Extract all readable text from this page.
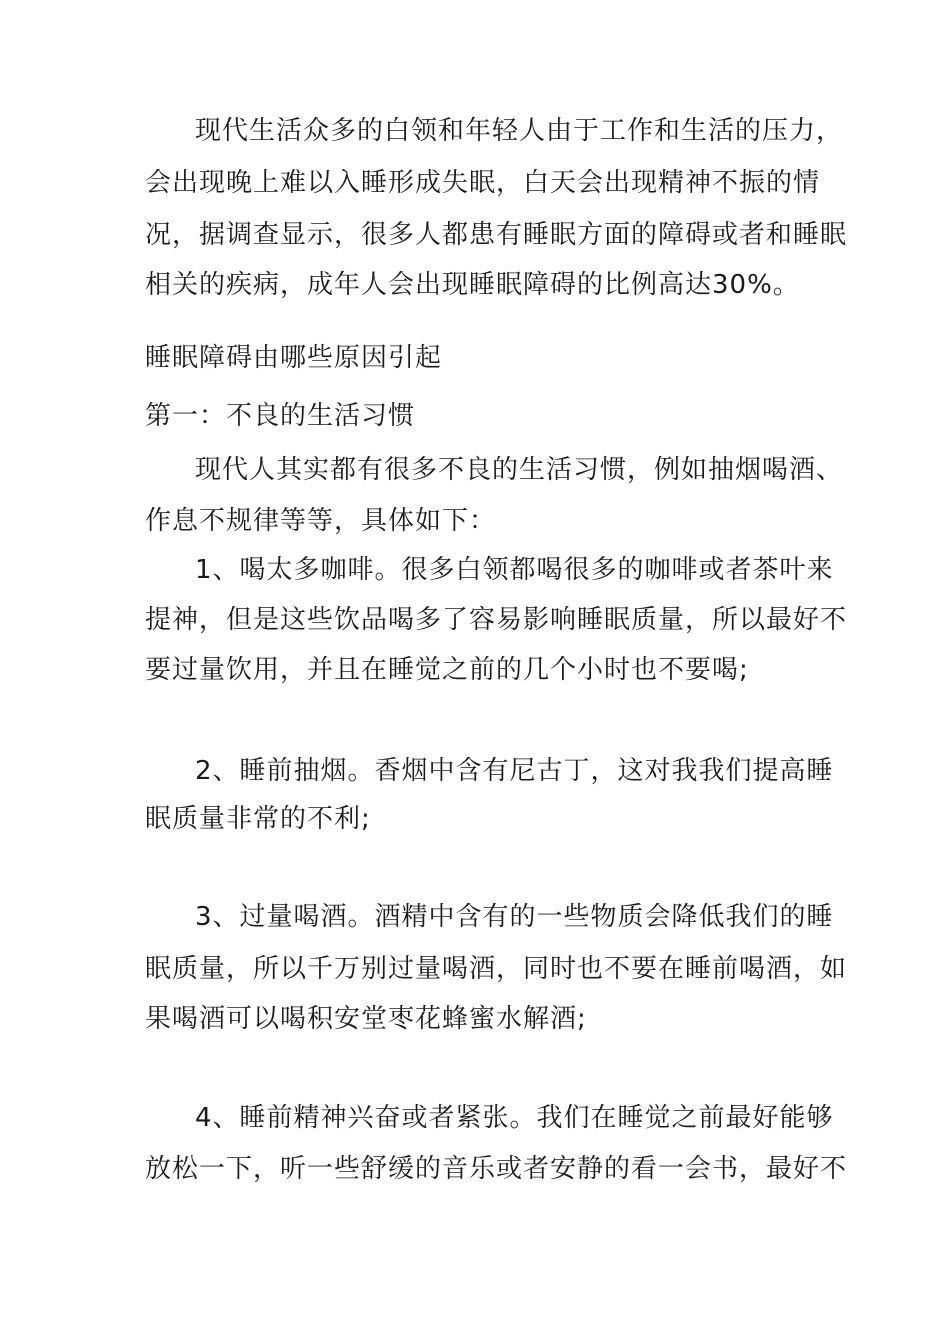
现代生活众多的白领和年轻人由于工作和生活的压力，
会出现晚上难以入睡形成失眠，白天会出现精神不振的情
况，据调查显示，很多人都患有睡眠方面的障碍或者和睡眠
相关的疾病，成年人会出现睡眠障碍的比例高达30%。
睡眠障碍由哪些原因引起
第一：不良的生活习惯
现代人其实都有很多不良的生活习惯，例如抽烟喝酒、
作息不规律等等，具体如下：
1、喝太多咖啡。很多白领都喝很多的咖啡或者茶叶来
提神，但是这些饮品喝多了容易影响睡眠质量，所以最好不
要过量饮用，并且在睡觉之前的几个小时也不要喝;
2、睡前抽烟。香烟中含有尼古丁，这对我我们提高睡
眠质量非常的不利;
3、过量喝酒。酒精中含有的一些物质会降低我们的睡
眠质量，所以千万别过量喝酒，同时也不要在睡前喝酒，如
果喝酒可以喝积安堂枣花蜂蜜水解酒;
4、睡前精神兴奋或者紧张。我们在睡觉之前最好能够
放松一下，听一些舒缓的音乐或者安静的看一会书，最好不
